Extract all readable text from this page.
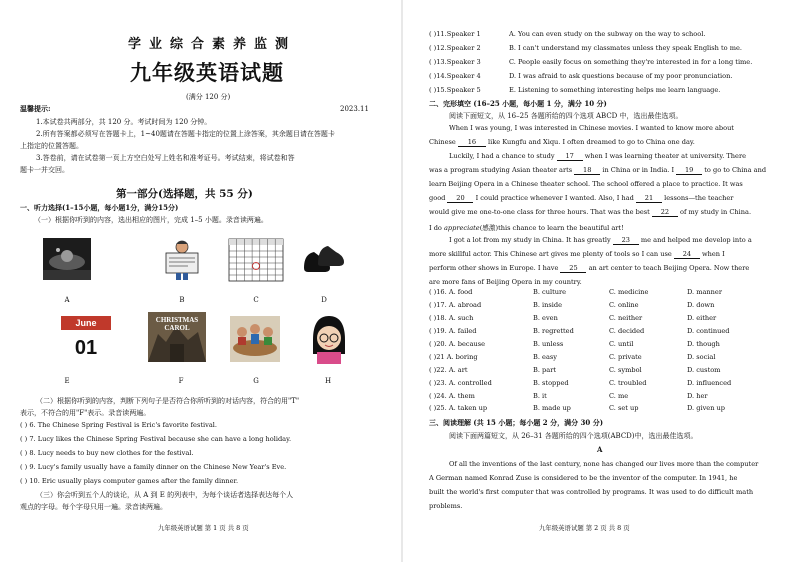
学业综合素养监测
九年级英语试题
(满分 120 分)
温馨提示:	2023.11
1.本试卷共两部分，共 120 分。考试时间为 120 分钟。
2.所有答案都必须写在答题卡上，1~40题请在答题卡指定的位置上涂答案，其余题目请在答题卡
上指定的位置答题。
3.答卷前，请在试卷第一页上方空白处写上姓名和准考证号。考试结束，将试卷和答
题卡一并交回。
第一部分(选择题，共 55 分)
一、听力选择(1–15小题，每小题1分，满分15分)
（一）根据你听到的内容，选出相应的图片，完成 1–5 小题。录音读两遍。
A	B	C	D
June
01
CHRISTMAS CAROL
E	F	G	H
（二）根据你听到的内容，判断下列句子是否符合你所听到的对话内容，符合的用"T"
表示，不符合的用"F"表示。录音读两遍。
( ) 6. The Chinese Spring Festival is Eric's favorite festival.
( ) 7. Lucy likes the Chinese Spring Festival because she can have a long holiday.
( ) 8. Lucy needs to buy new clothes for the festival.
( ) 9. Lucy's family usually have a family dinner on the Chinese New Year's Eve.
( ) 10. Eric usually plays computer games after the family dinner.
（三）你会听到五个人的谈论，从 A 到 E 的列表中，为每个谈话者选择表达每个人
观点的字母。每个字母只用一遍。录音读两遍。
九年级英语试题 第 1 页 共 8 页
( )11.Speaker 1	A. You can even study on the subway on the way to school.
( )12.Speaker 2	B. I can't understand my classmates unless they speak English to me.
( )13.Speaker 3	C. People easily focus on something they're interested in for a long time.
( )14.Speaker 4	D. I was afraid to ask questions because of my poor pronunciation.
( )15.Speaker 5	E. Listening to something interesting helps me learn language.
二、完形填空 (16–25 小题，每小题 1 分，满分 10 分)
阅读下面短文，从 16–25 各题所给的四个选项 ABCD 中，选出最佳选项。
When I was young, I was interested in Chinese movies. I wanted to know more about
Chinese 16 like Kungfu and Xiqu. I often dreamed to go to China one day.
Luckily, I had a chance to study 17 when I was learning theater at university. There
was a program studying Asian theater arts 18 in China or in India. I 19 to go to China and
learn Beijing Opera in a Chinese theater school. The school offered a place to practice. It was
good 20 I could practice whenever I wanted. Also, I had 21 lessons—the teacher
would give me one-to-one class for three hours. That was the best 22 of my study in China.
I do appreciate(感激)this chance to learn the beautiful art!
I got a lot from my study in China. It has greatly 23 me and helped me develop into a
more skillful actor. This Chinese art gives me plenty of tools so I can use 24 when I
perform other shows in Europe. I have 25 an art center to teach Beijing Opera. Now there
are more fans of Beijing Opera in my country.
( )16. A. food	B. culture	C. medicine	D. manner
( )17. A. abroad	B. inside	C. online	D. down
( )18. A. such	B. even	C. neither	D. either
( )19. A. failed	B. regretted	C. decided	D. continued
( )20. A. because	B. unless	C. until	D. though
( )21 A. boring	B. easy	C. private	D. social
( )22. A. art	B. part	C. symbol	D. custom
( )23. A. controlled	B. stopped	C. troubled	D. influenced
( )24. A. them	B. it	C. me	D. her
( )25. A. taken up	B. made up	C. set up	D. given up
三、阅读理解 (共 15 小题；每小题 2 分，满分 30 分)
阅读下面两篇短文，从 26–31 各题所给的四个选项(ABCD)中，选出最佳选项。
A
Of all the inventions of the last century, none has changed our lives more than the computer
A German named Konrad Zuse is considered to be the inventor of the computer. In 1941, he
built the world's first computer that was controlled by programs. It was used to do difficult math
problems.
九年级英语试题 第 2 页 共 8 页
